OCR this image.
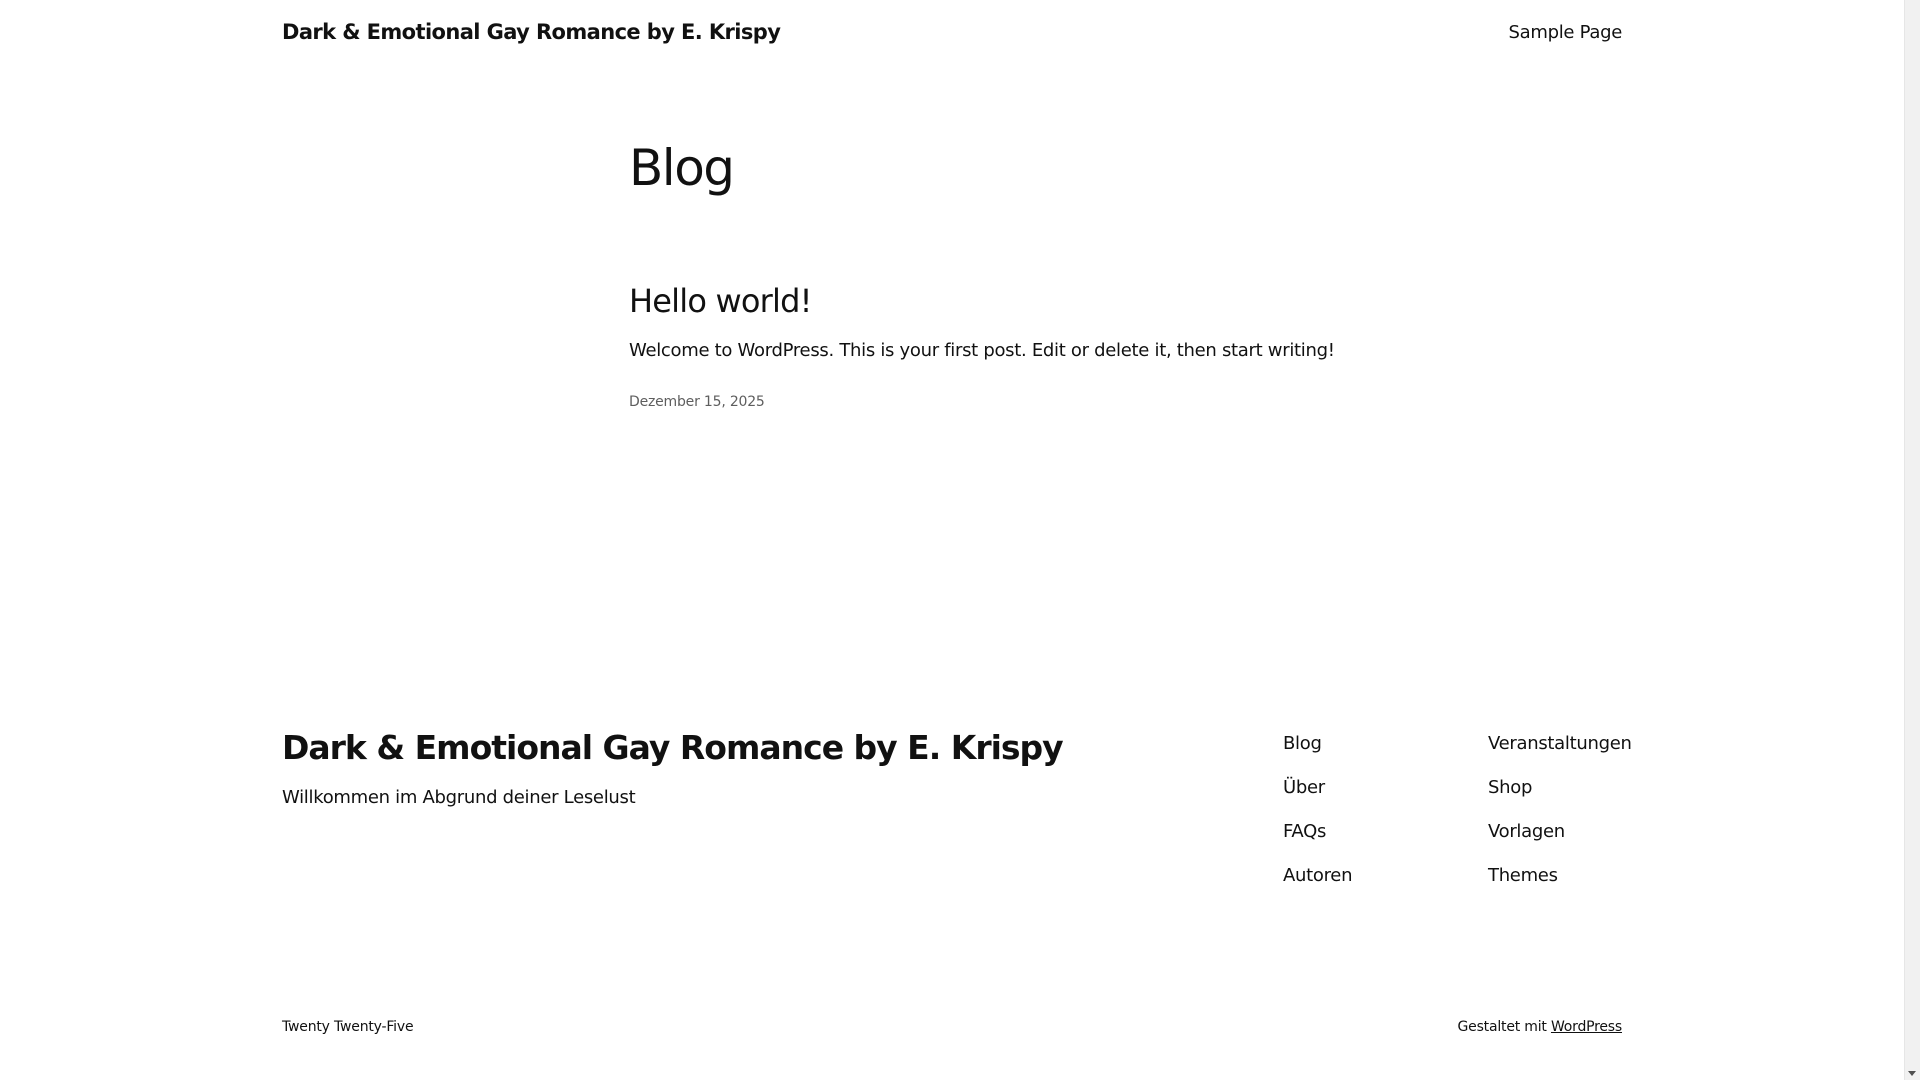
Dark & Emotional Gay Romance by E. Krispy	Sample Page
Blog
Hello world!

Welcome to WordPress. This is your first post. Edit or delete it, then start writing!

Dezember 15, 2025
Dark & Emotional Gay Romance by E. Krispy

Willkommen im Abgrund deiner Leselust

Blog
Über
FAQs
Autoren
Veranstaltungen
Shop
Vorlagen
Themes
Twenty Twenty-Five	Gestaltet mit WordPress
